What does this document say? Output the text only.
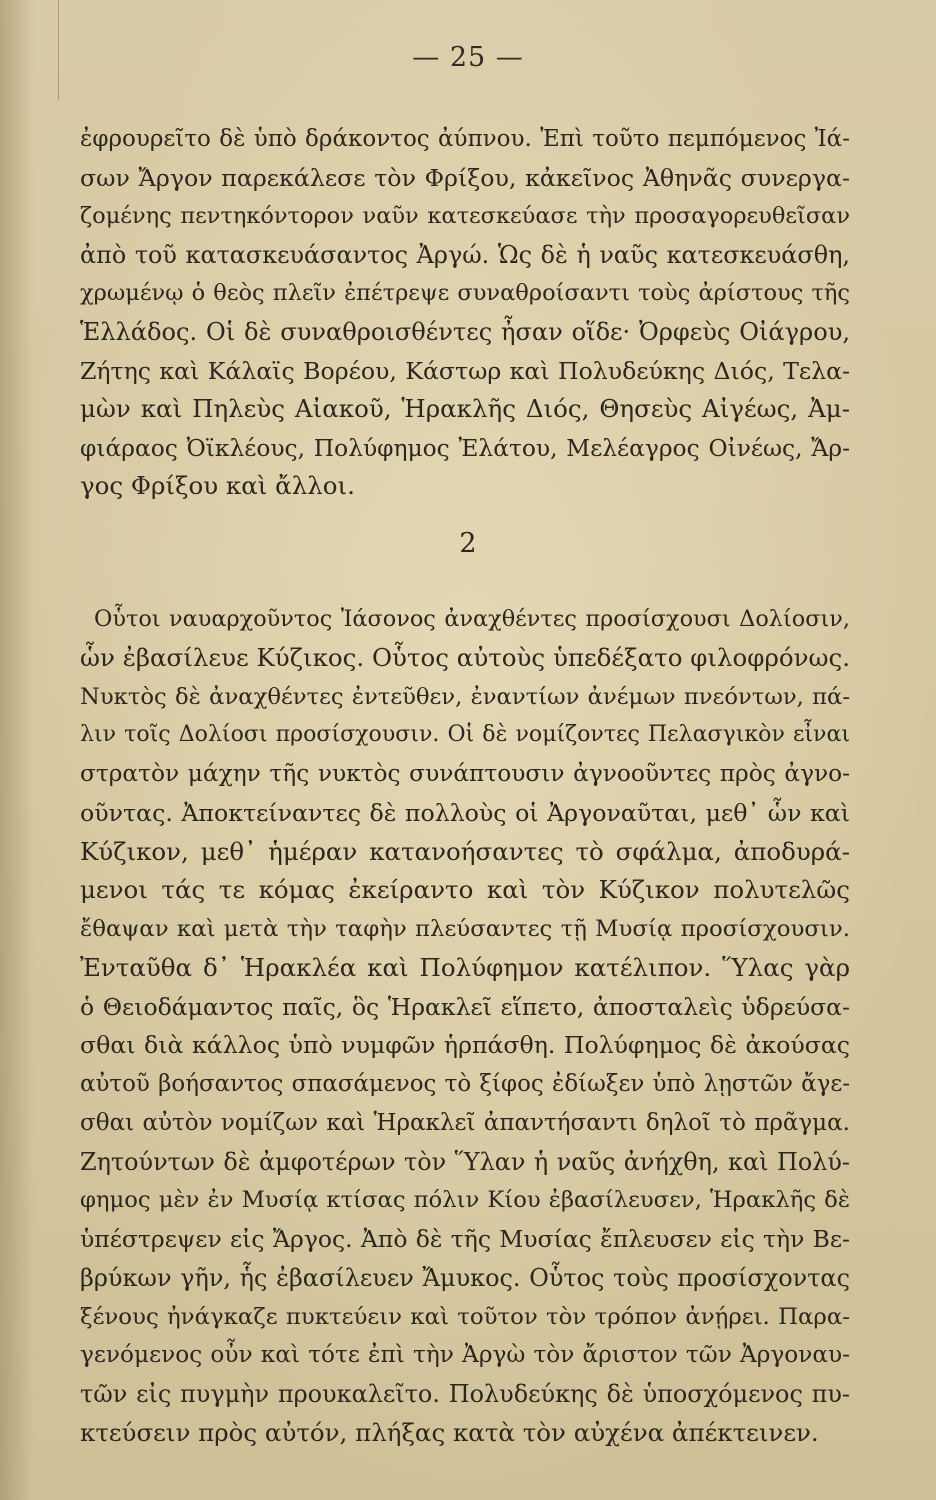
— 25 —
ἐφρουρεῖτο δὲ ὑπὸ δράκοντος ἀύπνου. Ἐπὶ τοῦτο πεμπόμενος Ἰά-
σων Ἄργον παρεκάλεσε τὸν Φρίξου, κἀκεῖνος Ἀθηνᾶς συνεργα-
ζομένης πεντηκόντορον ναῦν κατεσκεύασε τὴν προσαγορευθεῖσαν
ἀπὸ τοῦ κατασκευάσαντος Ἀργώ. Ὡς δὲ ἡ ναῦς κατεσκευάσθη,
χρωμένῳ ὁ θεὸς πλεῖν ἐπέτρεψε συναθροίσαντι τοὺς ἀρίστους τῆς
Ἑλλάδος. Οἱ δὲ συναθροισθέντες ἦσαν οἵδε· Ὀρφεὺς Οἰάγρου,
Ζήτης καὶ Κάλαϊς Βορέου, Κάστωρ καὶ Πολυδεύκης Διός, Τελα-
μὼν καὶ Πηλεὺς Αἰακοῦ, Ἡρακλῆς Διός, Θησεὺς Αἰγέως, Ἀμ-
φιάραος Ὀϊκλέους, Πολύφημος Ἐλάτου, Μελέαγρος Οἰνέως, Ἄρ-
γος Φρίξου καὶ ἄλλοι.
2
Οὗτοι ναυαρχοῦντος Ἰάσονος ἀναχθέντες προσίσχουσι Δολίοσιν,
ὧν ἐβασίλευε Κύζικος. Οὗτος αὐτοὺς ὑπεδέξατο φιλοφρόνως.
Νυκτὸς δὲ ἀναχθέντες ἐντεῦθεν, ἐναντίων ἀνέμων πνεόντων, πά-
λιν τοῖς Δολίοσι προσίσχουσιν. Οἱ δὲ νομίζοντες Πελασγικὸν εἶναι
στρατὸν μάχην τῆς νυκτὸς συνάπτουσιν ἀγνοοῦντες πρὸς ἀγνο-
οῦντας. Ἀποκτείναντες δὲ πολλοὺς οἱ Ἀργοναῦται, μεθ᾽ ὧν καὶ
Κύζικον, μεθ᾽ ἡμέραν κατανοήσαντες τὸ σφάλμα, ἀποδυρά-
μενοι τάς τε κόμας ἐκείραντο καὶ τὸν Κύζικον πολυτελῶς
ἔθαψαν καὶ μετὰ τὴν ταφὴν πλεύσαντες τῇ Μυσίᾳ προσίσχουσιν.
Ἐνταῦθα δ᾽ Ἡρακλέα καὶ Πολύφημον κατέλιπον. Ὕλας γὰρ
ὁ Θειοδάμαντος παῖς, ὃς Ἡρακλεῖ εἵπετο, ἀποσταλεὶς ὑδρεύσα-
σθαι διὰ κάλλος ὑπὸ νυμφῶν ἡρπάσθη. Πολύφημος δὲ ἀκούσας
αὐτοῦ βοήσαντος σπασάμενος τὸ ξίφος ἐδίωξεν ὑπὸ λῃστῶν ἄγε-
σθαι αὐτὸν νομίζων καὶ Ἡρακλεῖ ἀπαντήσαντι δηλοῖ τὸ πρᾶγμα.
Ζητούντων δὲ ἀμφοτέρων τὸν Ὕλαν ἡ ναῦς ἀνήχθη, καὶ Πολύ-
φημος μὲν ἐν Μυσίᾳ κτίσας πόλιν Κίου ἐβασίλευσεν, Ἡρακλῆς δὲ
ὑπέστρεψεν εἰς Ἄργος. Ἀπὸ δὲ τῆς Μυσίας ἔπλευσεν εἰς τὴν Βε-
βρύκων γῆν, ἧς ἐβασίλευεν Ἄμυκος. Οὗτος τοὺς προσίσχοντας
ξένους ἠνάγκαζε πυκτεύειν καὶ τοῦτον τὸν τρόπον ἀνῄρει. Παρα-
γενόμενος οὖν καὶ τότε ἐπὶ τὴν Ἀργὼ τὸν ἄριστον τῶν Ἀργοναυ-
τῶν εἰς πυγμὴν προυκαλεῖτο. Πολυδεύκης δὲ ὑποσχόμενος πυ-
κτεύσειν πρὸς αὐτόν, πλήξας κατὰ τὸν αὐχένα ἀπέκτεινεν.
